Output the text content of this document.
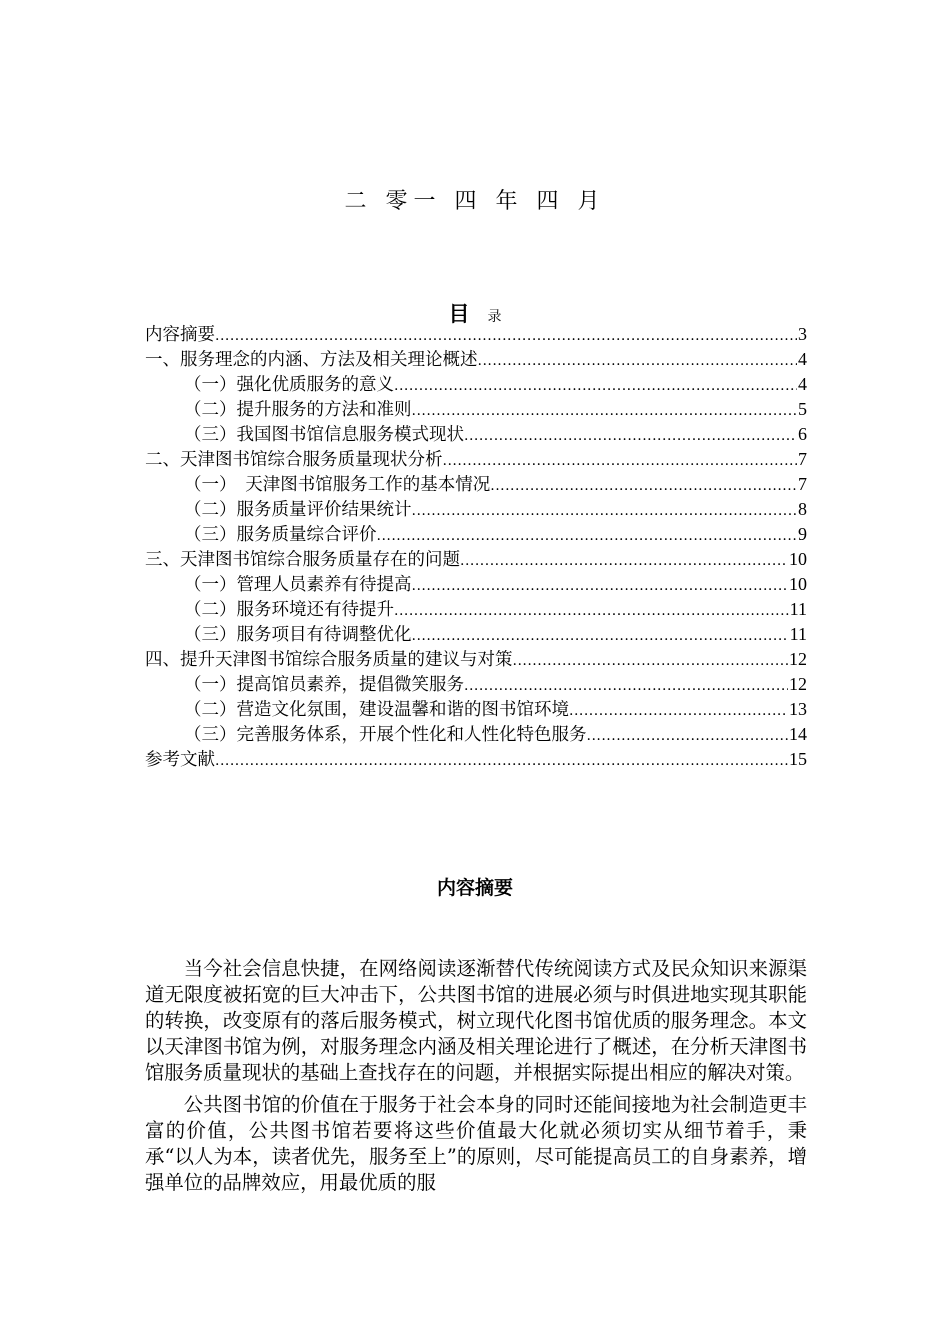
二 零一 四 年 四 月
目 录
内容摘要 .....	3
一、服务理念的内涵、方法及相关理论概述 .....	4
（一）强化优质服务的意义 .....	4
（二）提升服务的方法和准则 .....	5
（三）我国图书馆信息服务模式现状 .....	6
二、天津图书馆综合服务质量现状分析 .....	7
（一）　天津图书馆服务工作的基本情况 .....	7
（二）服务质量评价结果统计 .....	8
（三）服务质量综合评价 .....	9
三、天津图书馆综合服务质量存在的问题 .....	10
（一）管理人员素养有待提高 .....	10
（二）服务环境还有待提升 .....	11
（三）服务项目有待调整优化 .....	11
四、提升天津图书馆综合服务质量的建议与对策 .....	12
（一）提高馆员素养，提倡微笑服务 .....	12
（二）营造文化氛围，建设温馨和谐的图书馆环境 .....	13
（三）完善服务体系，开展个性化和人性化特色服务 .....	14
参考文献 .....	15
内容摘要

当今社会信息快捷，在网络阅读逐渐替代传统阅读方式及民众知识来源渠道无限度被拓宽的巨大冲击下，公共图书馆的进展必须与时俱进地实现其职能的转换，改变原有的落后服务模式，树立现代化图书馆优质的服务理念。本文以天津图书馆为例，对服务理念内涵及相关理论进行了概述，在分析天津图书馆服务质量现状的基础上查找存在的问题，并根据实际提出相应的解决对策。

公共图书馆的价值在于服务于社会本身的同时还能间接地为社会制造更丰富的价值，公共图书馆若要将这些价值最大化就必须切实从细节着手，秉承“以人为本，读者优先，服务至上”的原则，尽可能提高员工的自身素养，增强单位的品牌效应，用最优质的服
